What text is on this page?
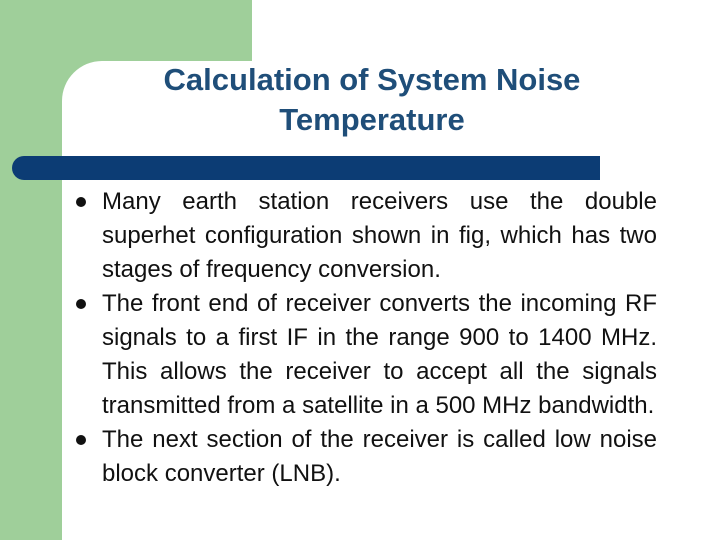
Calculation of System Noise
Temperature
Many earth station receivers use the double superhet configuration shown in fig, which has two stages of frequency conversion.
The front end of receiver converts the incoming RF signals to a first IF in the range 900 to 1400 MHz. This allows the receiver to accept all the signals transmitted from a satellite in a 500 MHz bandwidth.
The next section of the receiver is called low noise block converter (LNB).
